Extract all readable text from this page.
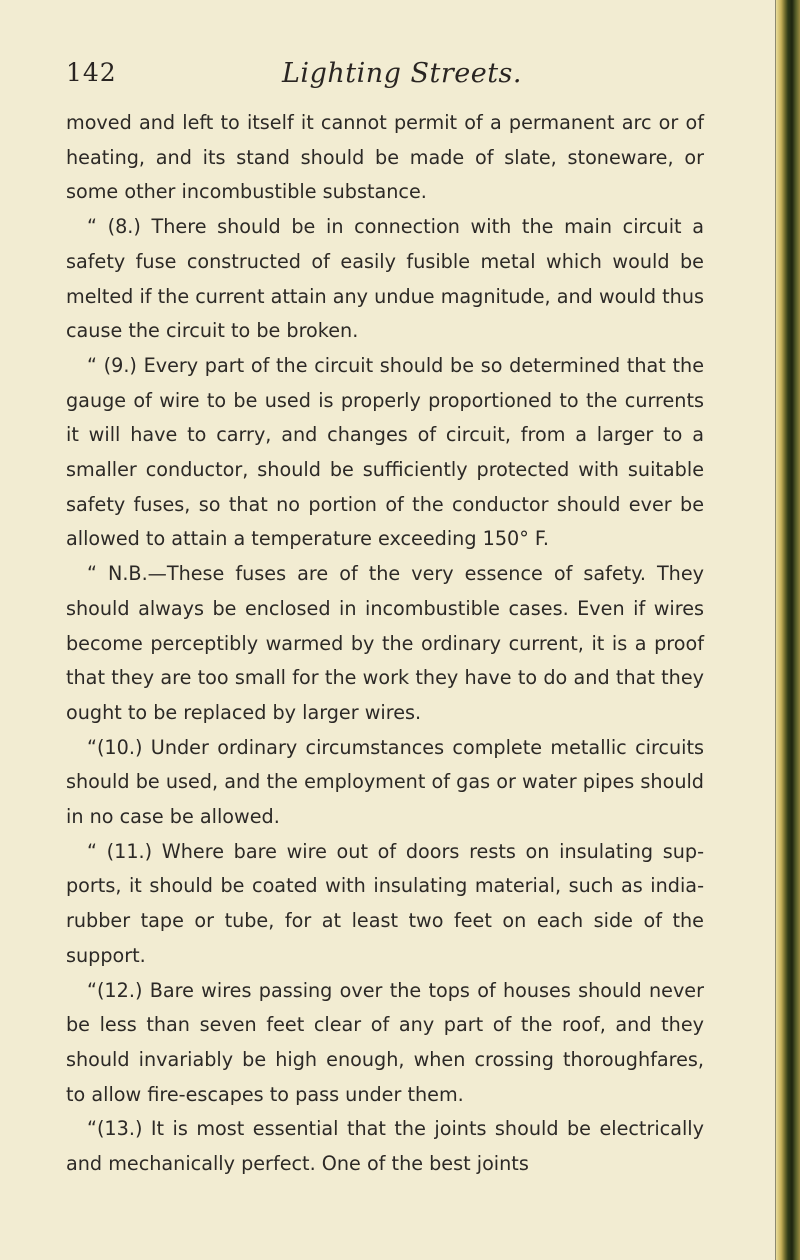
142	Lighting Streets.

moved and left to itself it cannot permit of a permanent arc or of heating, and its stand should be made of slate, stoneware, or some other incombustible substance.

“ (8.) There should be in connection with the main circuit a safety fuse constructed of easily fusible metal which would be melted if the current attain any undue magnitude, and would thus cause the circuit to be broken.

“ (9.) Every part of the circuit should be so determined that the gauge of wire to be used is properly proportioned to the currents it will have to carry, and changes of circuit, from a larger to a smaller conductor, should be sufficiently protected with suitable safety fuses, so that no portion of the conductor should ever be allowed to attain a temperature exceeding 150° F.

“ N.B.—These fuses are of the very essence of safety. They should always be enclosed in incombustible cases. Even if wires become perceptibly warmed by the ordinary current, it is a proof that they are too small for the work they have to do and that they ought to be replaced by larger wires.

“(10.) Under ordinary circumstances complete metallic circuits should be used, and the employment of gas or water pipes should in no case be allowed.

“ (11.) Where bare wire out of doors rests on insulating sup- ports, it should be coated with insulating material, such as india-rubber tape or tube, for at least two feet on each side of the support.

“(12.) Bare wires passing over the tops of houses should never be less than seven feet clear of any part of the roof, and they should invariably be high enough, when crossing thoroughfares, to allow fire-escapes to pass under them.

“(13.) It is most essential that the joints should be electrically and mechanically perfect. One of the best joints
